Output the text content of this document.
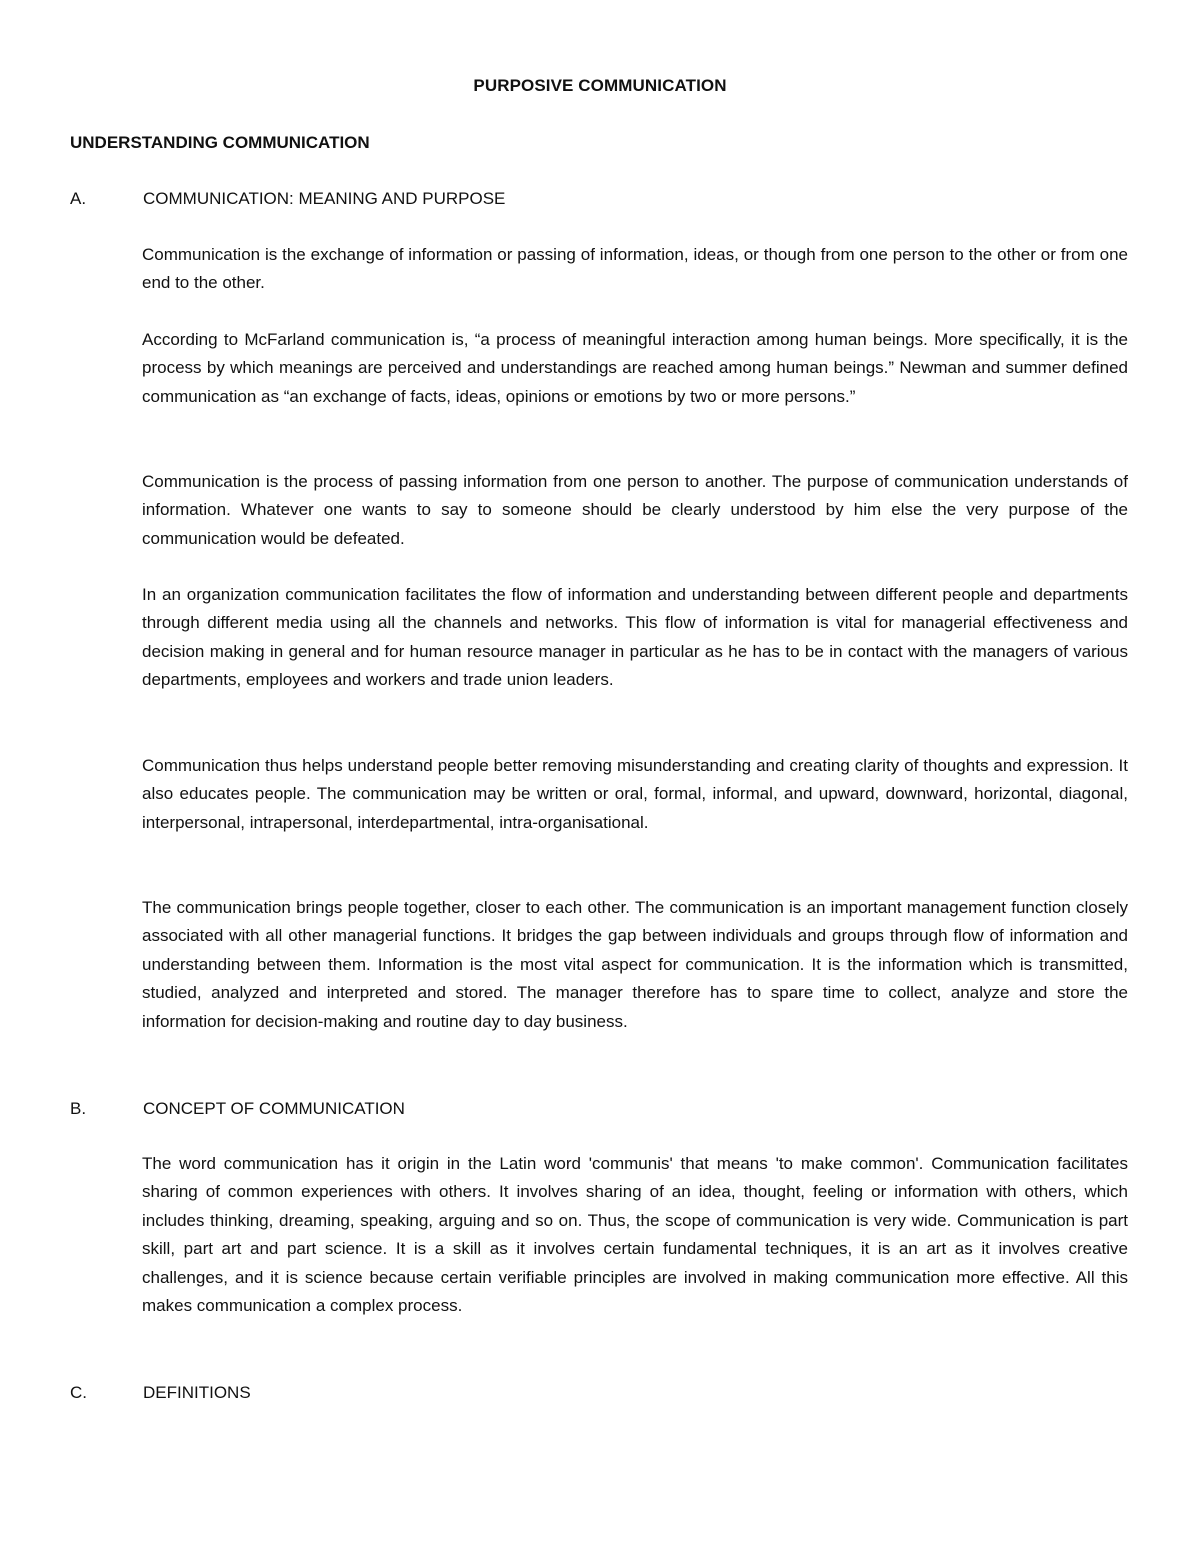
PURPOSIVE COMMUNICATION
UNDERSTANDING COMMUNICATION
A.	COMMUNICATION: MEANING AND PURPOSE

Communication is the exchange of information or passing of information, ideas, or though from one person to the other or from one end to the other.

According to McFarland communication is, “a process of meaningful interaction among human beings. More specifically, it is the process by which meanings are perceived and understandings are reached among human beings.” Newman and summer defined communication as “an exchange of facts, ideas, opinions or emotions by two or more persons.”

Communication is the process of passing information from one person to another. The purpose of communication understands of information. Whatever one wants to say to someone should be clearly understood by him else the very purpose of the communication would be defeated.

In an organization communication facilitates the flow of information and understanding between different people and departments through different media using all the channels and networks. This flow of information is vital for managerial effectiveness and decision making in general and for human resource manager in particular as he has to be in contact with the managers of various departments, employees and workers and trade union leaders.

Communication thus helps understand people better removing misunderstanding and creating clarity of thoughts and expression. It also educates people. The communication may be written or oral, formal, informal, and upward, downward, horizontal, diagonal, interpersonal, intrapersonal, interdepartmental, intra-organisational.

The communication brings people together, closer to each other. The communication is an important management function closely associated with all other managerial functions. It bridges the gap between individuals and groups through flow of information and understanding between them. Information is the most vital aspect for communication. It is the information which is transmitted, studied, analyzed and interpreted and stored. The manager therefore has to spare time to collect, analyze and store the information for decision-making and routine day to day business.

B.	CONCEPT OF COMMUNICATION

The word communication has it origin in the Latin word 'communis' that means 'to make common'. Communication facilitates sharing of common experiences with others. It involves sharing of an idea, thought, feeling or information with others, which includes thinking, dreaming, speaking, arguing and so on. Thus, the scope of communication is very wide. Communication is part skill, part art and part science. It is a skill as it involves certain fundamental techniques, it is an art as it involves creative challenges, and it is science because certain verifiable principles are involved in making communication more effective. All this makes communication a complex process.

C.	DEFINITIONS
